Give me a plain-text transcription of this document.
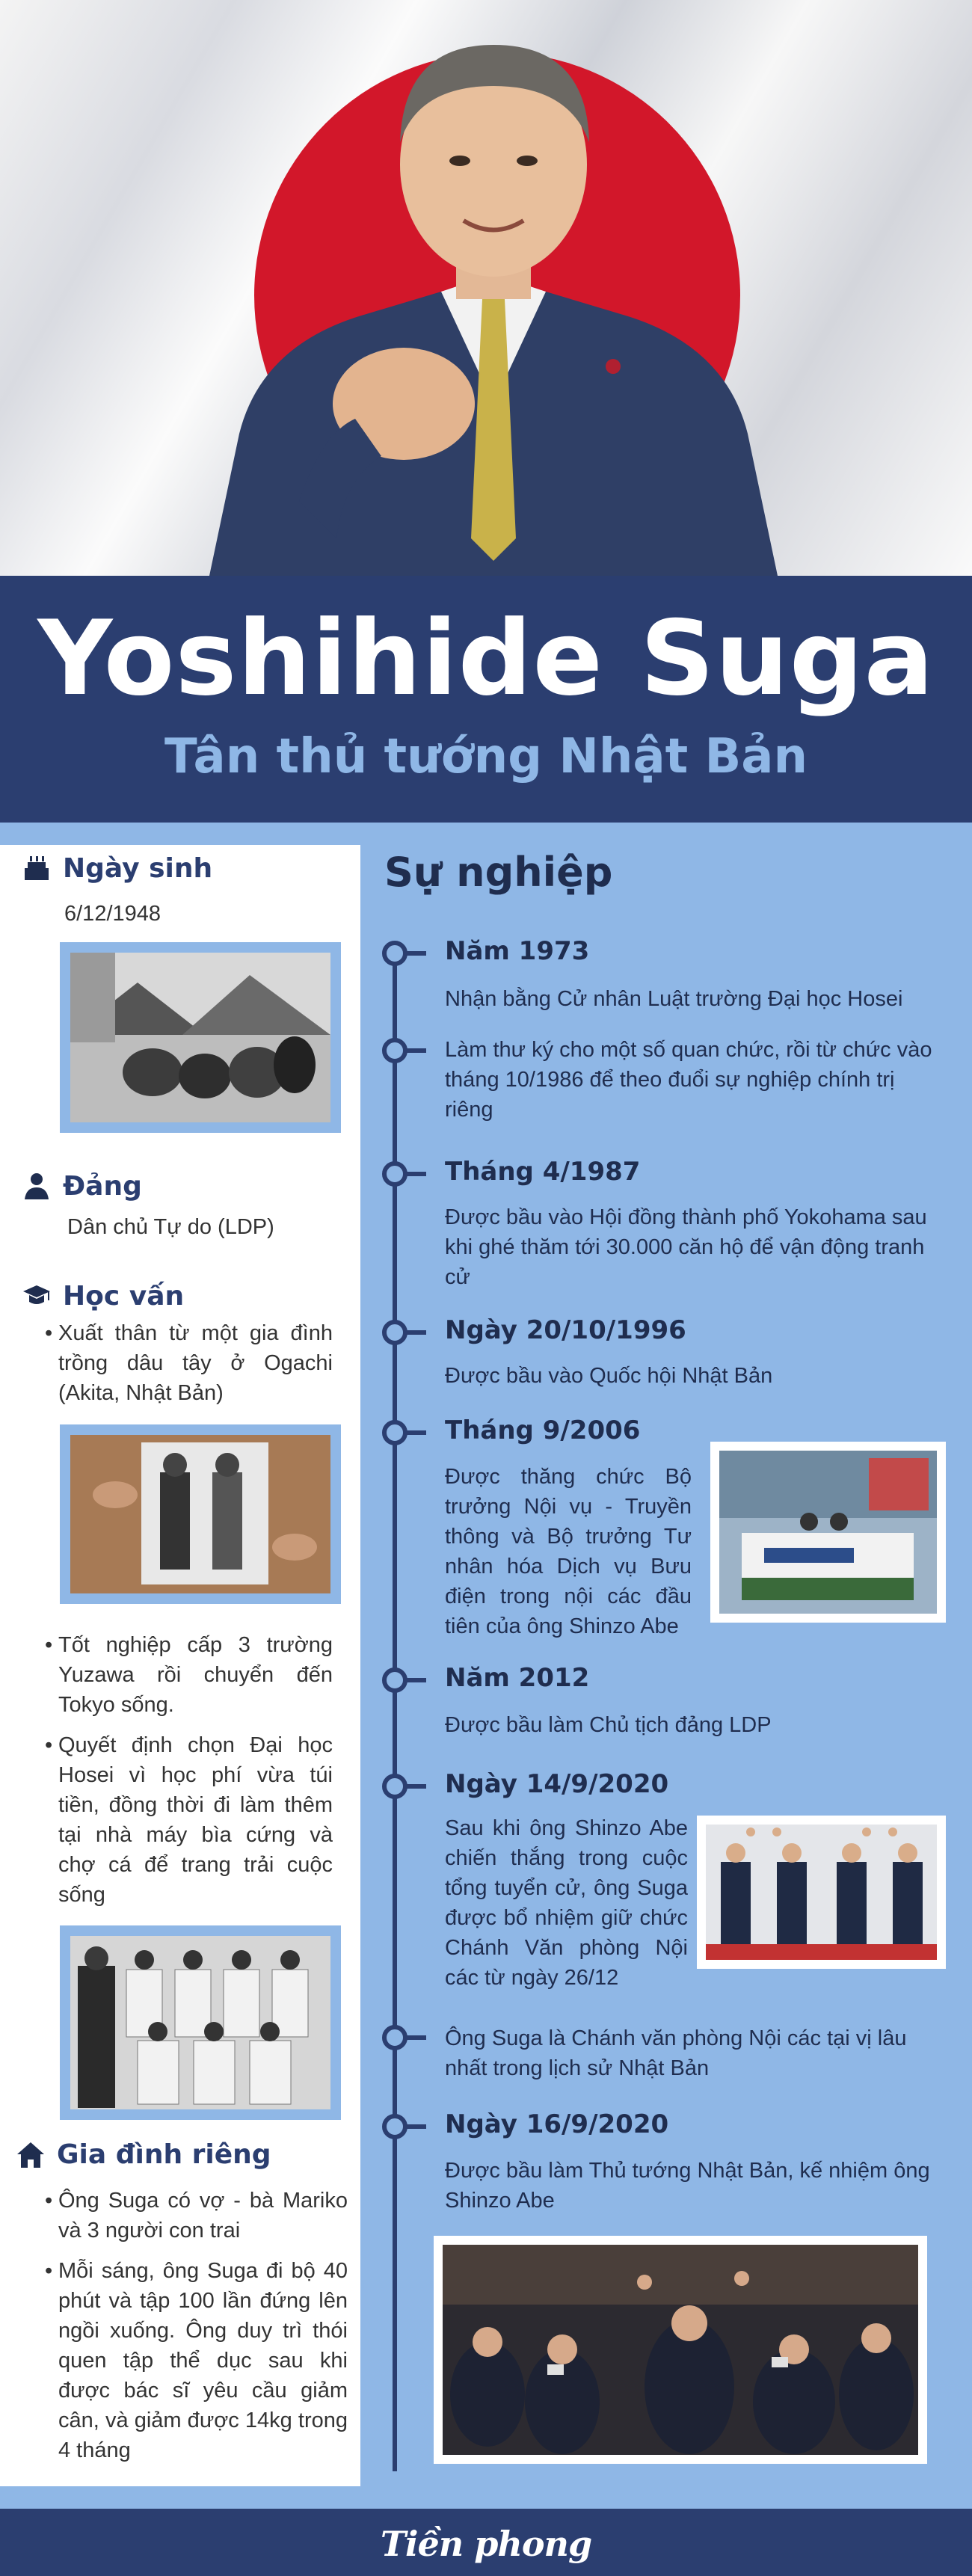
Yoshihide Suga
Tân thủ tướng Nhật Bản
Ngày sinh
6/12/1948
Đảng
Dân chủ Tự do (LDP)
Học vấn
• Xuất thân từ một gia đình trồng dâu tây ở Ogachi (Akita, Nhật Bản)
• Tốt nghiệp cấp 3 trường Yuzawa rồi chuyển đến Tokyo sống.
• Quyết định chọn Đại học Hosei vì học phí vừa túi tiền, đồng thời đi làm thêm tại nhà máy bìa cứng và chợ cá để trang trải cuộc sống
Gia đình riêng
• Ông Suga có vợ - bà Mariko và 3 người con trai
• Mỗi sáng, ông Suga đi bộ 40 phút và tập 100 lần đứng lên ngồi xuống. Ông duy trì thói quen tập thể dục sau khi được bác sĩ yêu cầu giảm cân, và giảm được 14kg trong 4 tháng
Sự nghiệp
Năm 1973
Nhận bằng Cử nhân Luật trường Đại học Hosei
Làm thư ký cho một số quan chức, rồi từ chức vào tháng 10/1986 để theo đuổi sự nghiệp chính trị riêng
Tháng 4/1987
Được bầu vào Hội đồng thành phố Yokohama sau khi ghé thăm tới 30.000 căn hộ để vận động tranh cử
Ngày 20/10/1996
Được bầu vào Quốc hội Nhật Bản
Tháng 9/2006
Được thăng chức Bộ trưởng Nội vụ - Truyền thông và Bộ trưởng Tư nhân hóa Dịch vụ Bưu điện trong nội các đầu tiên của ông Shinzo Abe
Năm 2012
Được bầu làm Chủ tịch đảng LDP
Ngày 14/9/2020
Sau khi ông Shinzo Abe chiến thắng trong cuộc tổng tuyển cử, ông Suga được bổ nhiệm giữ chức Chánh Văn phòng Nội các từ ngày 26/12
Ông Suga là Chánh văn phòng Nội các tại vị lâu nhất trong lịch sử Nhật Bản
Ngày 16/9/2020
Được bầu làm Thủ tướng Nhật Bản, kế nhiệm ông Shinzo Abe
Tiền phong
